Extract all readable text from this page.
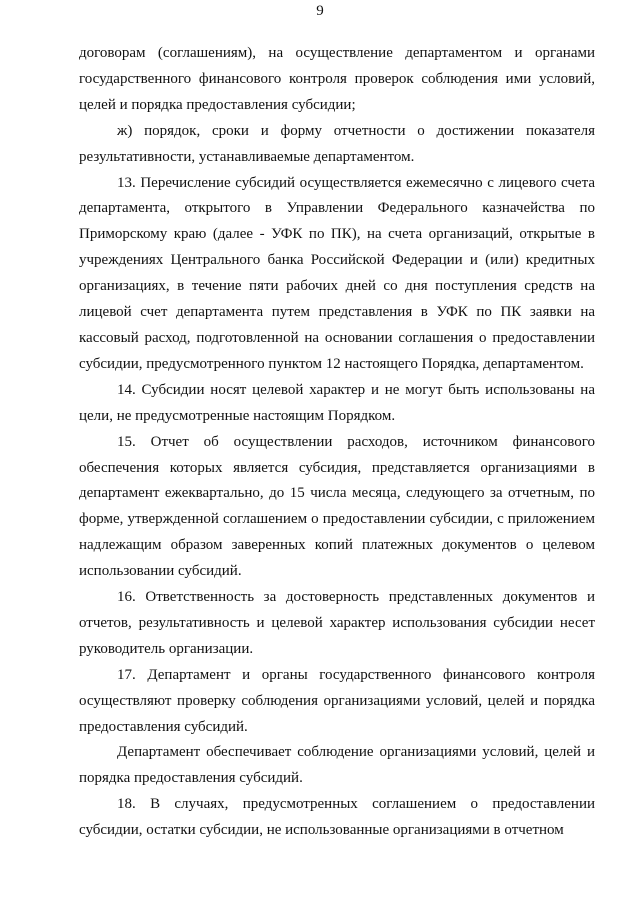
9

договорам (соглашениям), на осуществление департаментом и органами государственного финансового контроля проверок соблюдения ими условий, целей и порядка предоставления субсидии;

ж) порядок, сроки и форму отчетности о достижении показателя результативности, устанавливаемые департаментом.

13. Перечисление субсидий осуществляется ежемесячно с лицевого счета департамента, открытого в Управлении Федерального казначейства по Приморскому краю (далее - УФК по ПК), на счета организаций, открытые в учреждениях Центрального банка Российской Федерации и (или) кредитных организациях, в течение пяти рабочих дней со дня поступления средств на лицевой счет департамента путем представления в УФК по ПК заявки на кассовый расход, подготовленной на основании соглашения о предоставлении субсидии, предусмотренного пунктом 12 настоящего Порядка, департаментом.

14. Субсидии носят целевой характер и не могут быть использованы на цели, не предусмотренные настоящим Порядком.

15. Отчет об осуществлении расходов, источником финансового обеспечения которых является субсидия, представляется организациями в департамент ежеквартально, до 15 числа месяца, следующего за отчетным, по форме, утвержденной соглашением о предоставлении субсидии, с приложением надлежащим образом заверенных копий платежных документов о целевом использовании субсидий.

16. Ответственность за достоверность представленных документов и отчетов, результативность и целевой характер использования субсидии несет руководитель организации.

17. Департамент и органы государственного финансового контроля осуществляют проверку соблюдения организациями условий, целей и порядка предоставления субсидий.

Департамент обеспечивает соблюдение организациями условий, целей и порядка предоставления субсидий.

18. В случаях, предусмотренных соглашением о предоставлении субсидии, остатки субсидии, не использованные организациями в отчетном
